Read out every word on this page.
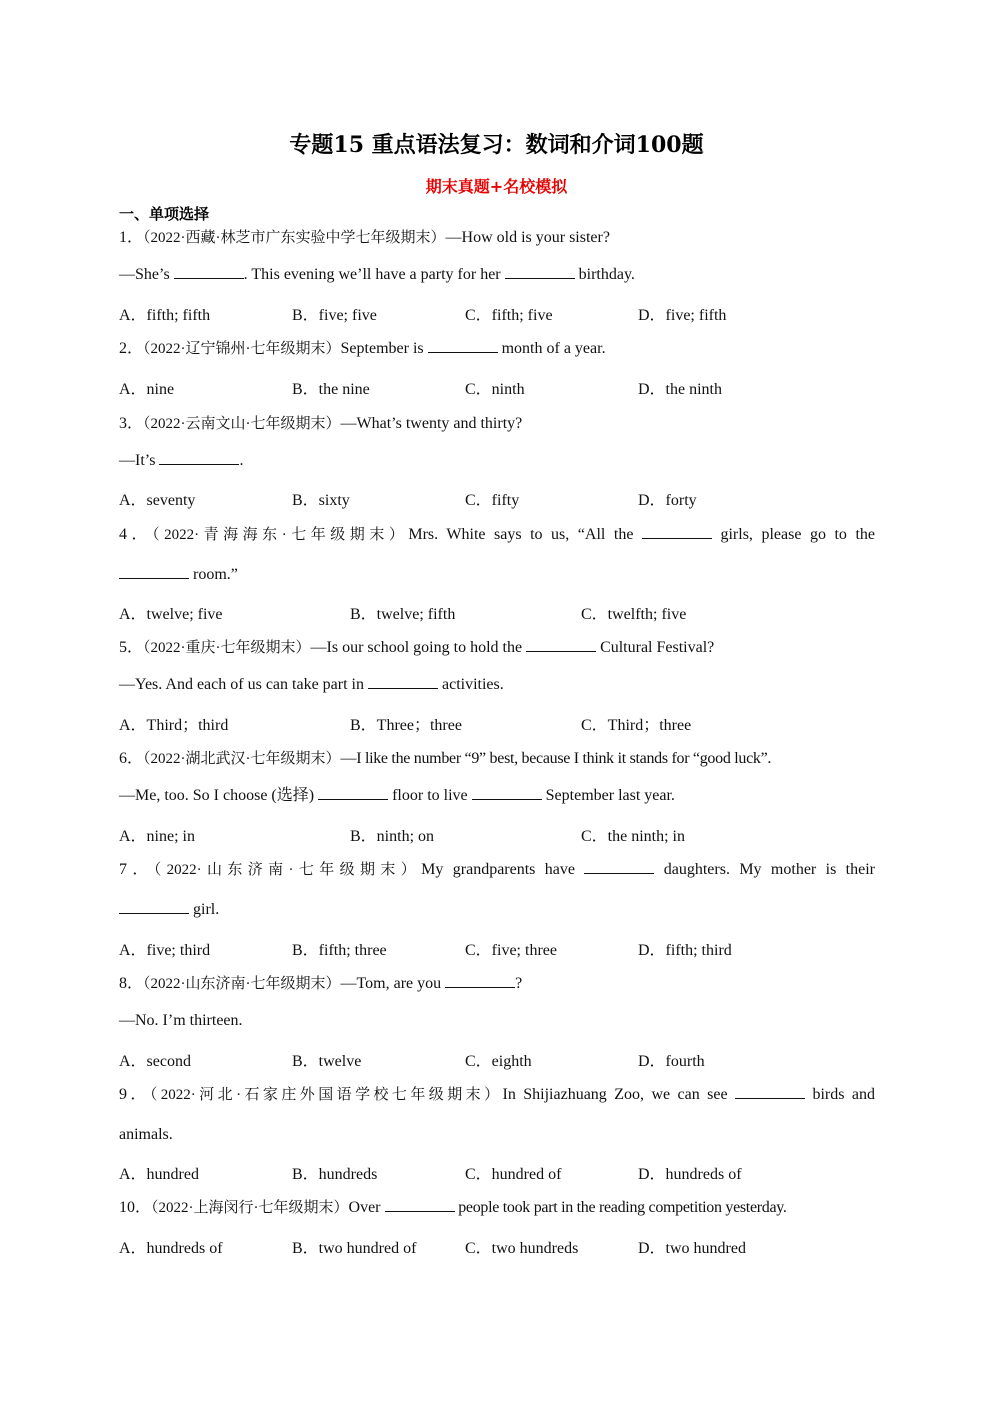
专题15 重点语法复习：数词和介词100题
期末真题+名校模拟
一、单项选择
1．（2022·西藏·林芝市广东实验中学七年级期末）—How old is your sister?
—She’s	. This evening we’ll have a party for her	birthday.
A．fifth; fifth	B．five; five	C．fifth; five	D．five; fifth
2．（2022·辽宁锦州·七年级期末）September is	month of a year.
A．nine	B．the nine	C．ninth	D．the ninth
3．（2022·云南文山·七年级期末）—What’s twenty and thirty?
—It’s	.
A．seventy	B．sixty	C．fifty	D．forty
4．（2022·青海海东·七年级期末）Mrs. White says to us, “All the	girls, please go to the
room.”
A．twelve; five	B．twelve; fifth	C．twelfth; five
5．（2022·重庆·七年级期末）—Is our school going to hold the	Cultural Festival?
—Yes. And each of us can take part in	activities.
A．Third；third	B．Three；three	C．Third；three
6．（2022·湖北武汉·七年级期末）—I like the number “9” best, because I think it stands for “good luck”.
—Me, too. So I choose (选择)	floor to live	September last year.
A．nine; in	B．ninth; on	C．the ninth; in
7．（2022·山东济南·七年级期末）My grandparents have	daughters. My mother is their
girl.
A．five; third	B．fifth; three	C．five; three	D．fifth; third
8．（2022·山东济南·七年级期末）—Tom, are you	?
—No. I’m thirteen.
A．second	B．twelve	C．eighth	D．fourth
9．（2022·河北·石家庄外国语学校七年级期末）In Shijiazhuang Zoo, we can see	birds and
animals.
A．hundred	B．hundreds	C．hundred of	D．hundreds of
10．（2022·上海闵行·七年级期末）Over	people took part in the reading competition yesterday.
A．hundreds of	B．two hundred of	C．two hundreds	D．two hundred
